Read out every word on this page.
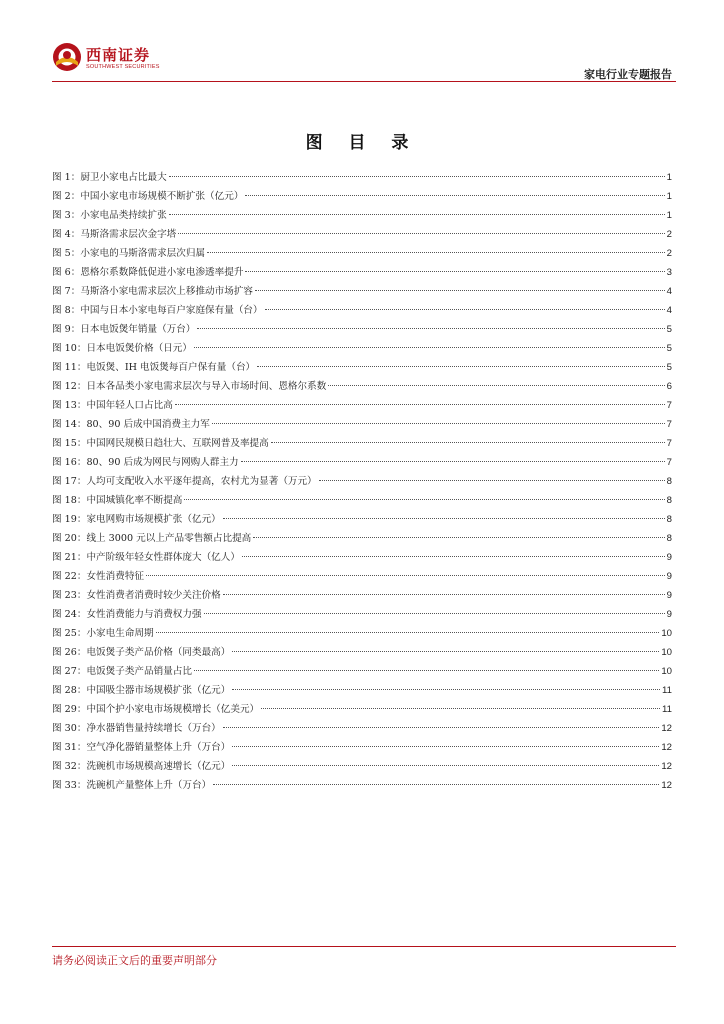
西南证券
SOUTHWEST SECURITIES
家电行业专题报告
图 目 录
图 1：厨卫小家电占比最大	1
图 2：中国小家电市场规模不断扩张（亿元）	1
图 3：小家电品类持续扩张	1
图 4：马斯洛需求层次金字塔	2
图 5：小家电的马斯洛需求层次归属	2
图 6：恩格尔系数降低促进小家电渗透率提升	3
图 7：马斯洛小家电需求层次上移推动市场扩容	4
图 8：中国与日本小家电每百户家庭保有量（台）	4
图 9：日本电饭煲年销量（万台）	5
图 10：日本电饭煲价格（日元）	5
图 11：电饭煲、IH 电饭煲每百户保有量（台）	5
图 12：日本各品类小家电需求层次与导入市场时间、恩格尔系数	6
图 13：中国年轻人口占比高	7
图 14：80、90 后成中国消费主力军	7
图 15：中国网民规模日趋壮大、互联网普及率提高	7
图 16：80、90 后成为网民与网购人群主力	7
图 17：人均可支配收入水平逐年提高，农村尤为显著（万元）	8
图 18：中国城镇化率不断提高	8
图 19：家电网购市场规模扩张（亿元）	8
图 20：线上 3000 元以上产品零售额占比提高	8
图 21：中产阶级年轻女性群体庞大（亿人）	9
图 22：女性消费特征	9
图 23：女性消费者消费时较少关注价格	9
图 24：女性消费能力与消费权力强	9
图 25：小家电生命周期	10
图 26：电饭煲子类产品价格（同类最高）	10
图 27：电饭煲子类产品销量占比	10
图 28：中国吸尘器市场规模扩张（亿元）	11
图 29：中国个护小家电市场规模增长（亿美元）	11
图 30：净水器销售量持续增长（万台）	12
图 31：空气净化器销量整体上升（万台）	12
图 32：洗碗机市场规模高速增长（亿元）	12
图 33：洗碗机产量整体上升（万台）	12
请务必阅读正文后的重要声明部分
